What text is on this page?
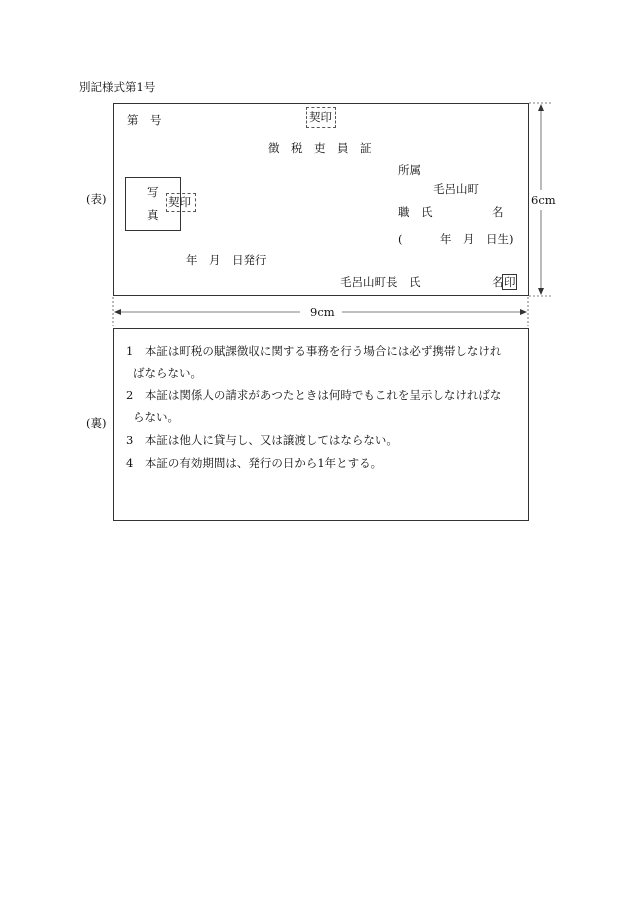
別記様式第1号
(表)
第　号	契印
徴　税　吏　員　証
写
真
契印
所属
毛呂山町
職　氏	名
(	年　月　日生)
年　月　日発行
毛呂山町長　氏	名 印
6cm
9cm
(裏)
1　本証は町税の賦課徴収に関する事務を行う場合には必ず携帯しなけれ
ばならない。
2　本証は関係人の請求があつたときは何時でもこれを呈示しなければな
らない。
3　本証は他人に貸与し、又は譲渡してはならない。
4　本証の有効期間は、発行の日から1年とする。
